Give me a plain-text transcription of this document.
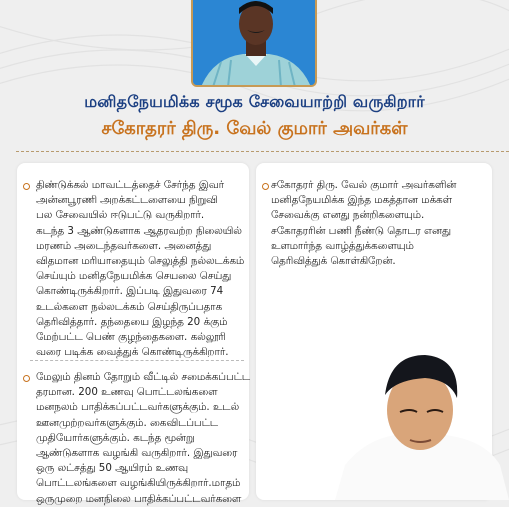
மனிதநேயமிக்க சமூக சேவையாற்றி வருகிறார்
சகோதரர் திரு. வேல் குமார் அவர்கள்

திண்டுக்கல் மாவட்டத்தைச் சேர்ந்த இவர்
அன்னபூரணி அறக்கட்டளையை நிறுவி
பல சேவையில் ஈடுபட்டு வருகிறார்.
கடந்த 3 ஆண்டுகளாக ஆதரவற்ற நிலையில்
மரணம் அடைந்தவர்களை. அனைத்து
விதமான மரியாதையும் செலுத்தி நல்லடக்கம்
செய்யும் மனிதநேயமிக்க செயலை செய்து
கொண்டிருக்கிறார். இப்படி இதுவரை 74
உடல்களை நல்லடக்கம் செய்திருப்பதாக
தெரிவித்தார். தந்தையை இழந்த 20 க்கும்
மேற்பட்ட பெண் குழந்தைகளை. கல்லூரி
வரை படிக்க வைத்துக் கொண்டிருக்கிறார்.

மேலும் தினம் தோறும் வீட்டில் சமைக்கப்பட்ட
தரமான. 200 உணவு பொட்டலங்களை
மனநலம் பாதிக்கப்பட்டவர்களுக்கும். உடல்
ஊனமுற்றவர்களுக்கும். கைவிடப்பட்ட
முதியோர்களுக்கும். கடந்த மூன்று
ஆண்டுகளாக வழங்கி வருகிறார். இதுவரை
ஒரு லட்சத்து 50 ஆயிரம் உணவு
பொட்டலங்களை வழங்கியிருக்கிறார்.மாதம்
ஒருமுறை மனநிலை பாதிக்கப்பட்டவர்களை

சகோதரர் திரு. வேல் குமார் அவர்களின்
மனிதநேயமிக்க இந்த மகத்தான மக்கள்
சேவைக்கு எனது நன்றிகளையும்.
சகோதரரின் பணி நீண்டு தொடர எனது
உளமார்ந்த வாழ்த்துக்களையும்
தெரிவித்துக் கொள்கிறேன்.
